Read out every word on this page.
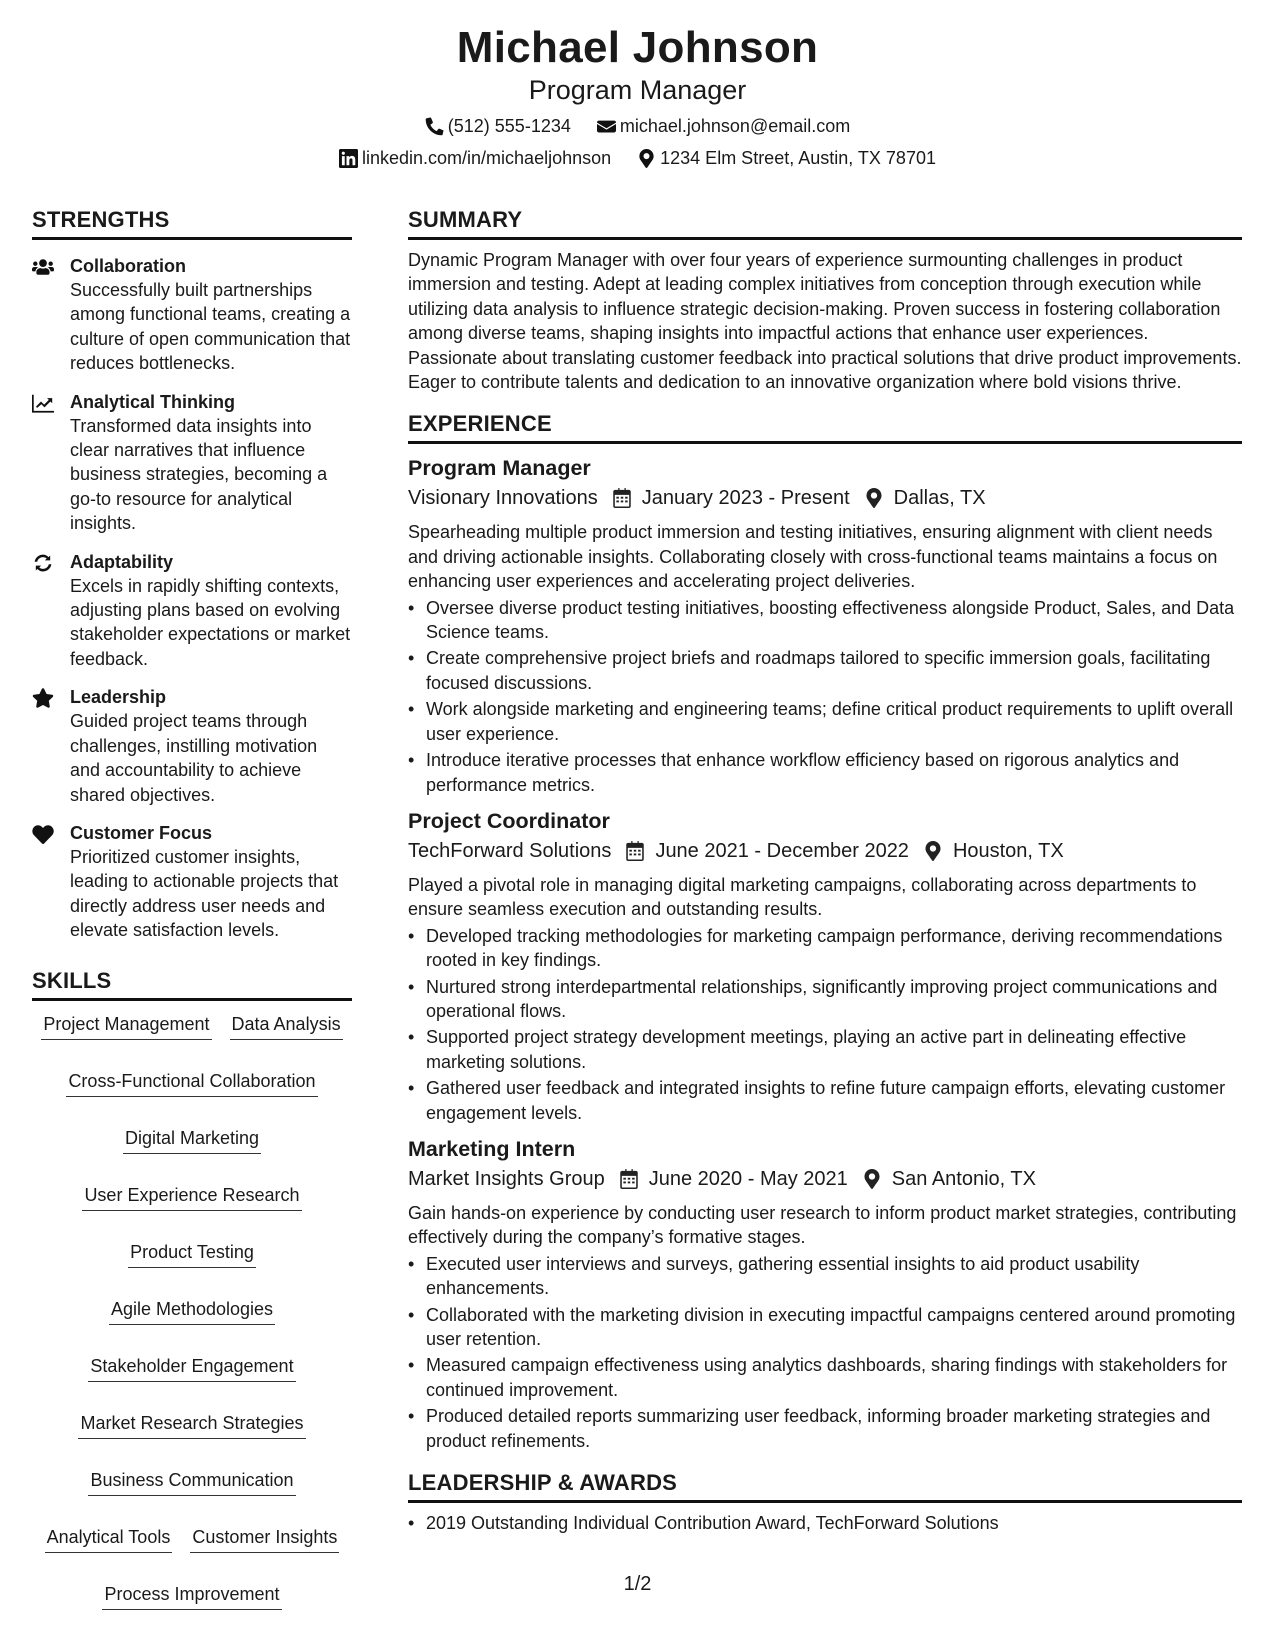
Michael Johnson
Program Manager
(512) 555-1234	michael.johnson@email.com
linkedin.com/in/michaeljohnson	1234 Elm Street, Austin, TX 78701
STRENGTHS
Collaboration
Successfully built partnerships among functional teams, creating a culture of open communication that reduces bottlenecks.
Analytical Thinking
Transformed data insights into clear narratives that influence business strategies, becoming a go-to resource for analytical insights.
Adaptability
Excels in rapidly shifting contexts, adjusting plans based on evolving stakeholder expectations or market feedback.
Leadership
Guided project teams through challenges, instilling motivation and accountability to achieve shared objectives.
Customer Focus
Prioritized customer insights, leading to actionable projects that directly address user needs and elevate satisfaction levels.
SKILLS
Project Management Data Analysis
Cross-Functional Collaboration
Digital Marketing
User Experience Research
Product Testing
Agile Methodologies
Stakeholder Engagement
Market Research Strategies
Business Communication
Analytical Tools Customer Insights
Process Improvement
SUMMARY
Dynamic Program Manager with over four years of experience surmounting challenges in product immersion and testing. Adept at leading complex initiatives from conception through execution while utilizing data analysis to influence strategic decision-making. Proven success in fostering collaboration among diverse teams, shaping insights into impactful actions that enhance user experiences. Passionate about translating customer feedback into practical solutions that drive product improvements. Eager to contribute talents and dedication to an innovative organization where bold visions thrive.
EXPERIENCE
Program Manager
Visionary Innovations January 2023 - Present Dallas, TX
Spearheading multiple product immersion and testing initiatives, ensuring alignment with client needs and driving actionable insights. Collaborating closely with cross-functional teams maintains a focus on enhancing user experiences and accelerating project deliveries.
• Oversee diverse product testing initiatives, boosting effectiveness alongside Product, Sales, and Data Science teams.
• Create comprehensive project briefs and roadmaps tailored to specific immersion goals, facilitating focused discussions.
• Work alongside marketing and engineering teams; define critical product requirements to uplift overall user experience.
• Introduce iterative processes that enhance workflow efficiency based on rigorous analytics and performance metrics.
Project Coordinator
TechForward Solutions June 2021 - December 2022 Houston, TX
Played a pivotal role in managing digital marketing campaigns, collaborating across departments to ensure seamless execution and outstanding results.
• Developed tracking methodologies for marketing campaign performance, deriving recommendations rooted in key findings.
• Nurtured strong interdepartmental relationships, significantly improving project communications and operational flows.
• Supported project strategy development meetings, playing an active part in delineating effective marketing solutions.
• Gathered user feedback and integrated insights to refine future campaign efforts, elevating customer engagement levels.
Marketing Intern
Market Insights Group June 2020 - May 2021 San Antonio, TX
Gain hands-on experience by conducting user research to inform product market strategies, contributing effectively during the company’s formative stages.
• Executed user interviews and surveys, gathering essential insights to aid product usability enhancements.
• Collaborated with the marketing division in executing impactful campaigns centered around promoting user retention.
• Measured campaign effectiveness using analytics dashboards, sharing findings with stakeholders for continued improvement.
• Produced detailed reports summarizing user feedback, informing broader marketing strategies and product refinements.
LEADERSHIP & AWARDS
• 2019 Outstanding Individual Contribution Award, TechForward Solutions
1/2
